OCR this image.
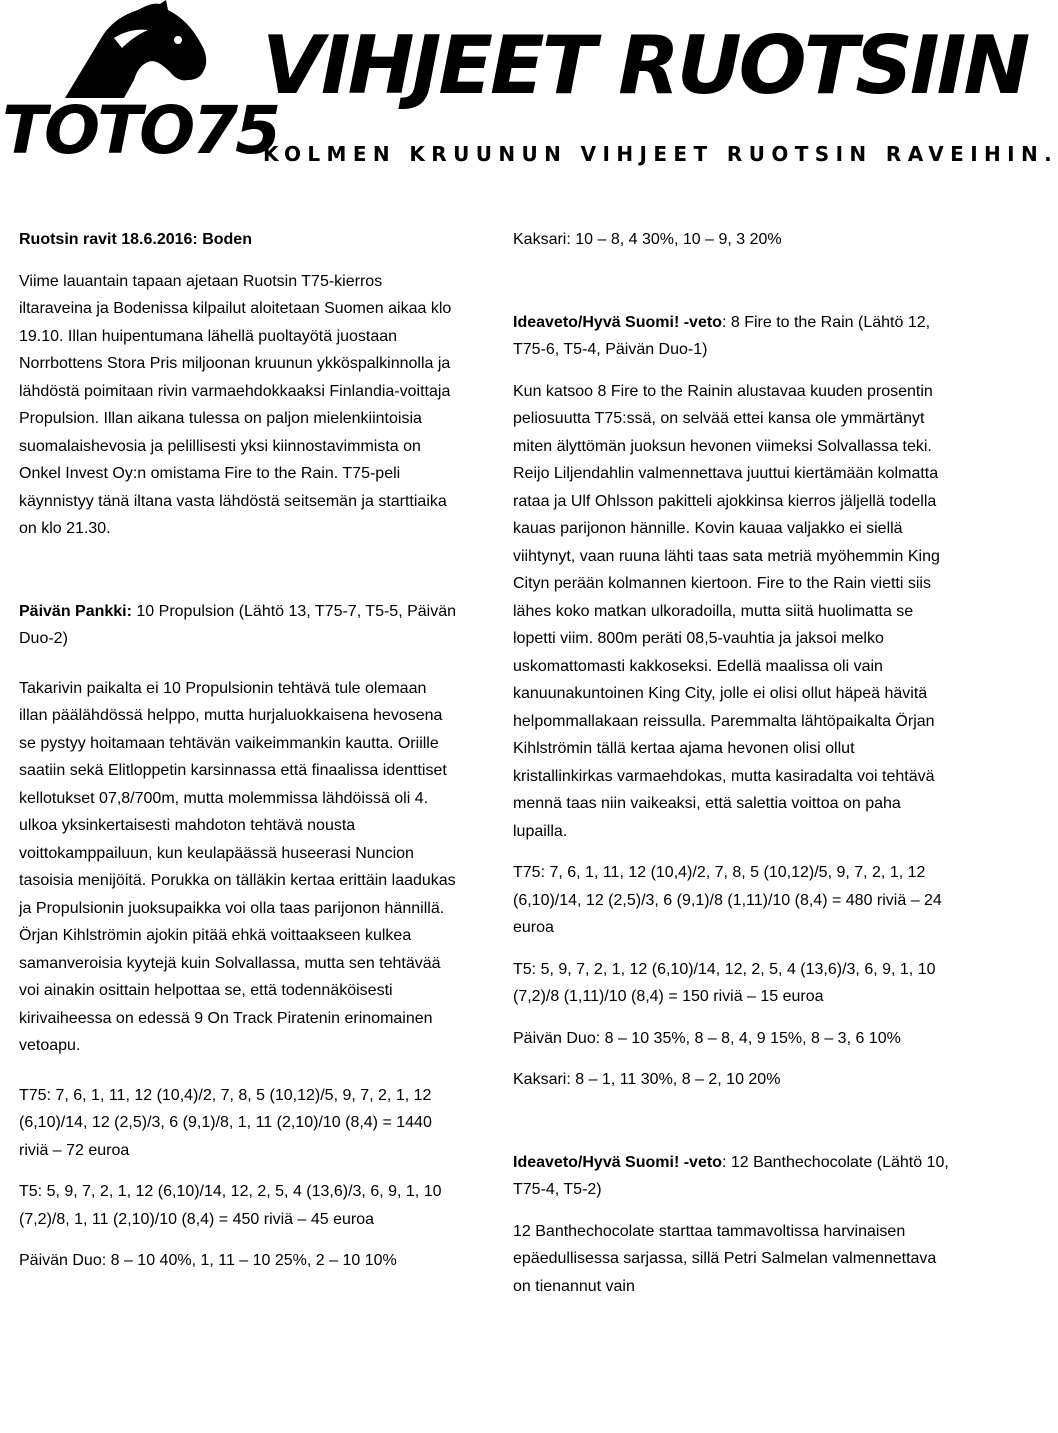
TOTO75
VIHJEET RUOTSIIN
KOLMEN KRUUNUN VIHJEET RUOTSIN RAVEIHIN.

Ruotsin ravit 18.6.2016: Boden

Viime lauantain tapaan ajetaan Ruotsin T75-kierros iltaraveina ja Bodenissa kilpailut aloitetaan Suomen aikaa klo 19.10. Illan huipentumana lähellä puoltayötä juostaan Norrbottens Stora Pris miljoonan kruunun ykköspalkinnolla ja lähdöstä poimitaan rivin varmaehdokkaaksi Finlandia-voittaja Propulsion. Illan aikana tulessa on paljon mielenkiintoisia suomalaishevosia ja pelillisesti yksi kiinnostavimmista on Onkel Invest Oy:n omistama Fire to the Rain. T75-peli käynnistyy tänä iltana vasta lähdöstä seitsemän ja starttiaika on klo 21.30.

Päivän Pankki: 10 Propulsion (Lähtö 13, T75-7, T5-5, Päivän Duo-2)

Takarivin paikalta ei 10 Propulsionin tehtävä tule olemaan illan päälähdössä helppo, mutta hurjaluokkaisena hevosena se pystyy hoitamaan tehtävän vaikeimmankin kautta. Oriille saatiin sekä Elitloppetin karsinnassa että finaalissa identtiset kellotukset 07,8/700m, mutta molemmissa lähdöissä oli 4. ulkoa yksinkertaisesti mahdoton tehtävä nousta voittokamppailuun, kun keulapäässä huseerasi Nuncion tasoisia menijöitä. Porukka on tälläkin kertaa erittäin laadukas ja Propulsionin juoksupaikka voi olla taas parijonon hännillä. Örjan Kihlströmin ajokin pitää ehkä voittaakseen kulkea samanveroisia kyytejä kuin Solvallassa, mutta sen tehtävää voi ainakin osittain helpottaa se, että todennäköisesti kirivaiheessa on edessä 9 On Track Piratenin erinomainen vetoapu.

T75: 7, 6, 1, 11, 12 (10,4)/2, 7, 8, 5 (10,12)/5, 9, 7, 2, 1, 12 (6,10)/14, 12 (2,5)/3, 6 (9,1)/8, 1, 11 (2,10)/10 (8,4) = 1440 riviä – 72 euroa

T5: 5, 9, 7, 2, 1, 12 (6,10)/14, 12, 2, 5, 4 (13,6)/3, 6, 9, 1, 10 (7,2)/8, 1, 11 (2,10)/10 (8,4) = 450 riviä – 45 euroa

Päivän Duo: 8 – 10 40%, 1, 11 – 10 25%, 2 – 10 10%

Kaksari: 10 – 8, 4 30%, 10 – 9, 3 20%

Ideaveto/Hyvä Suomi! -veto: 8 Fire to the Rain (Lähtö 12, T75-6, T5-4, Päivän Duo-1)

Kun katsoo 8 Fire to the Rainin alustavaa kuuden prosentin peliosuutta T75:ssä, on selvää ettei kansa ole ymmärtänyt miten älyttömän juoksun hevonen viimeksi Solvallassa teki. Reijo Liljendahlin valmennettava juuttui kiertämään kolmatta rataa ja Ulf Ohlsson pakitteli ajokkinsa kierros jäljellä todella kauas parijonon hännille. Kovin kauaa valjakko ei siellä viihtynyt, vaan ruuna lähti taas sata metriä myöhemmin King Cityn perään kolmannen kiertoon. Fire to the Rain vietti siis lähes koko matkan ulkoradoilla, mutta siitä huolimatta se lopetti viim. 800m peräti 08,5-vauhtia ja jaksoi melko uskomattomasti kakkoseksi. Edellä maalissa oli vain kanuunakuntoinen King City, jolle ei olisi ollut häpeä hävitä helpommallakaan reissulla. Paremmalta lähtöpaikalta Örjan Kihlströmin tällä kertaa ajama hevonen olisi ollut kristallinkirkas varmaehdokas, mutta kasiradalta voi tehtävä mennä taas niin vaikeaksi, että salettia voittoa on paha lupailla.

T75: 7, 6, 1, 11, 12 (10,4)/2, 7, 8, 5 (10,12)/5, 9, 7, 2, 1, 12 (6,10)/14, 12 (2,5)/3, 6 (9,1)/8 (1,11)/10 (8,4) = 480 riviä – 24 euroa

T5: 5, 9, 7, 2, 1, 12 (6,10)/14, 12, 2, 5, 4 (13,6)/3, 6, 9, 1, 10 (7,2)/8 (1,11)/10 (8,4) = 150 riviä – 15 euroa

Päivän Duo: 8 – 10 35%, 8 – 8, 4, 9 15%, 8 – 3, 6 10%

Kaksari: 8 – 1, 11 30%, 8 – 2, 10 20%

Ideaveto/Hyvä Suomi! -veto: 12 Banthechocolate (Lähtö 10, T75-4, T5-2)

12 Banthechocolate starttaa tammavoltissa harvinaisen epäedullisessa sarjassa, sillä Petri Salmelan valmennettava on tienannut vain
